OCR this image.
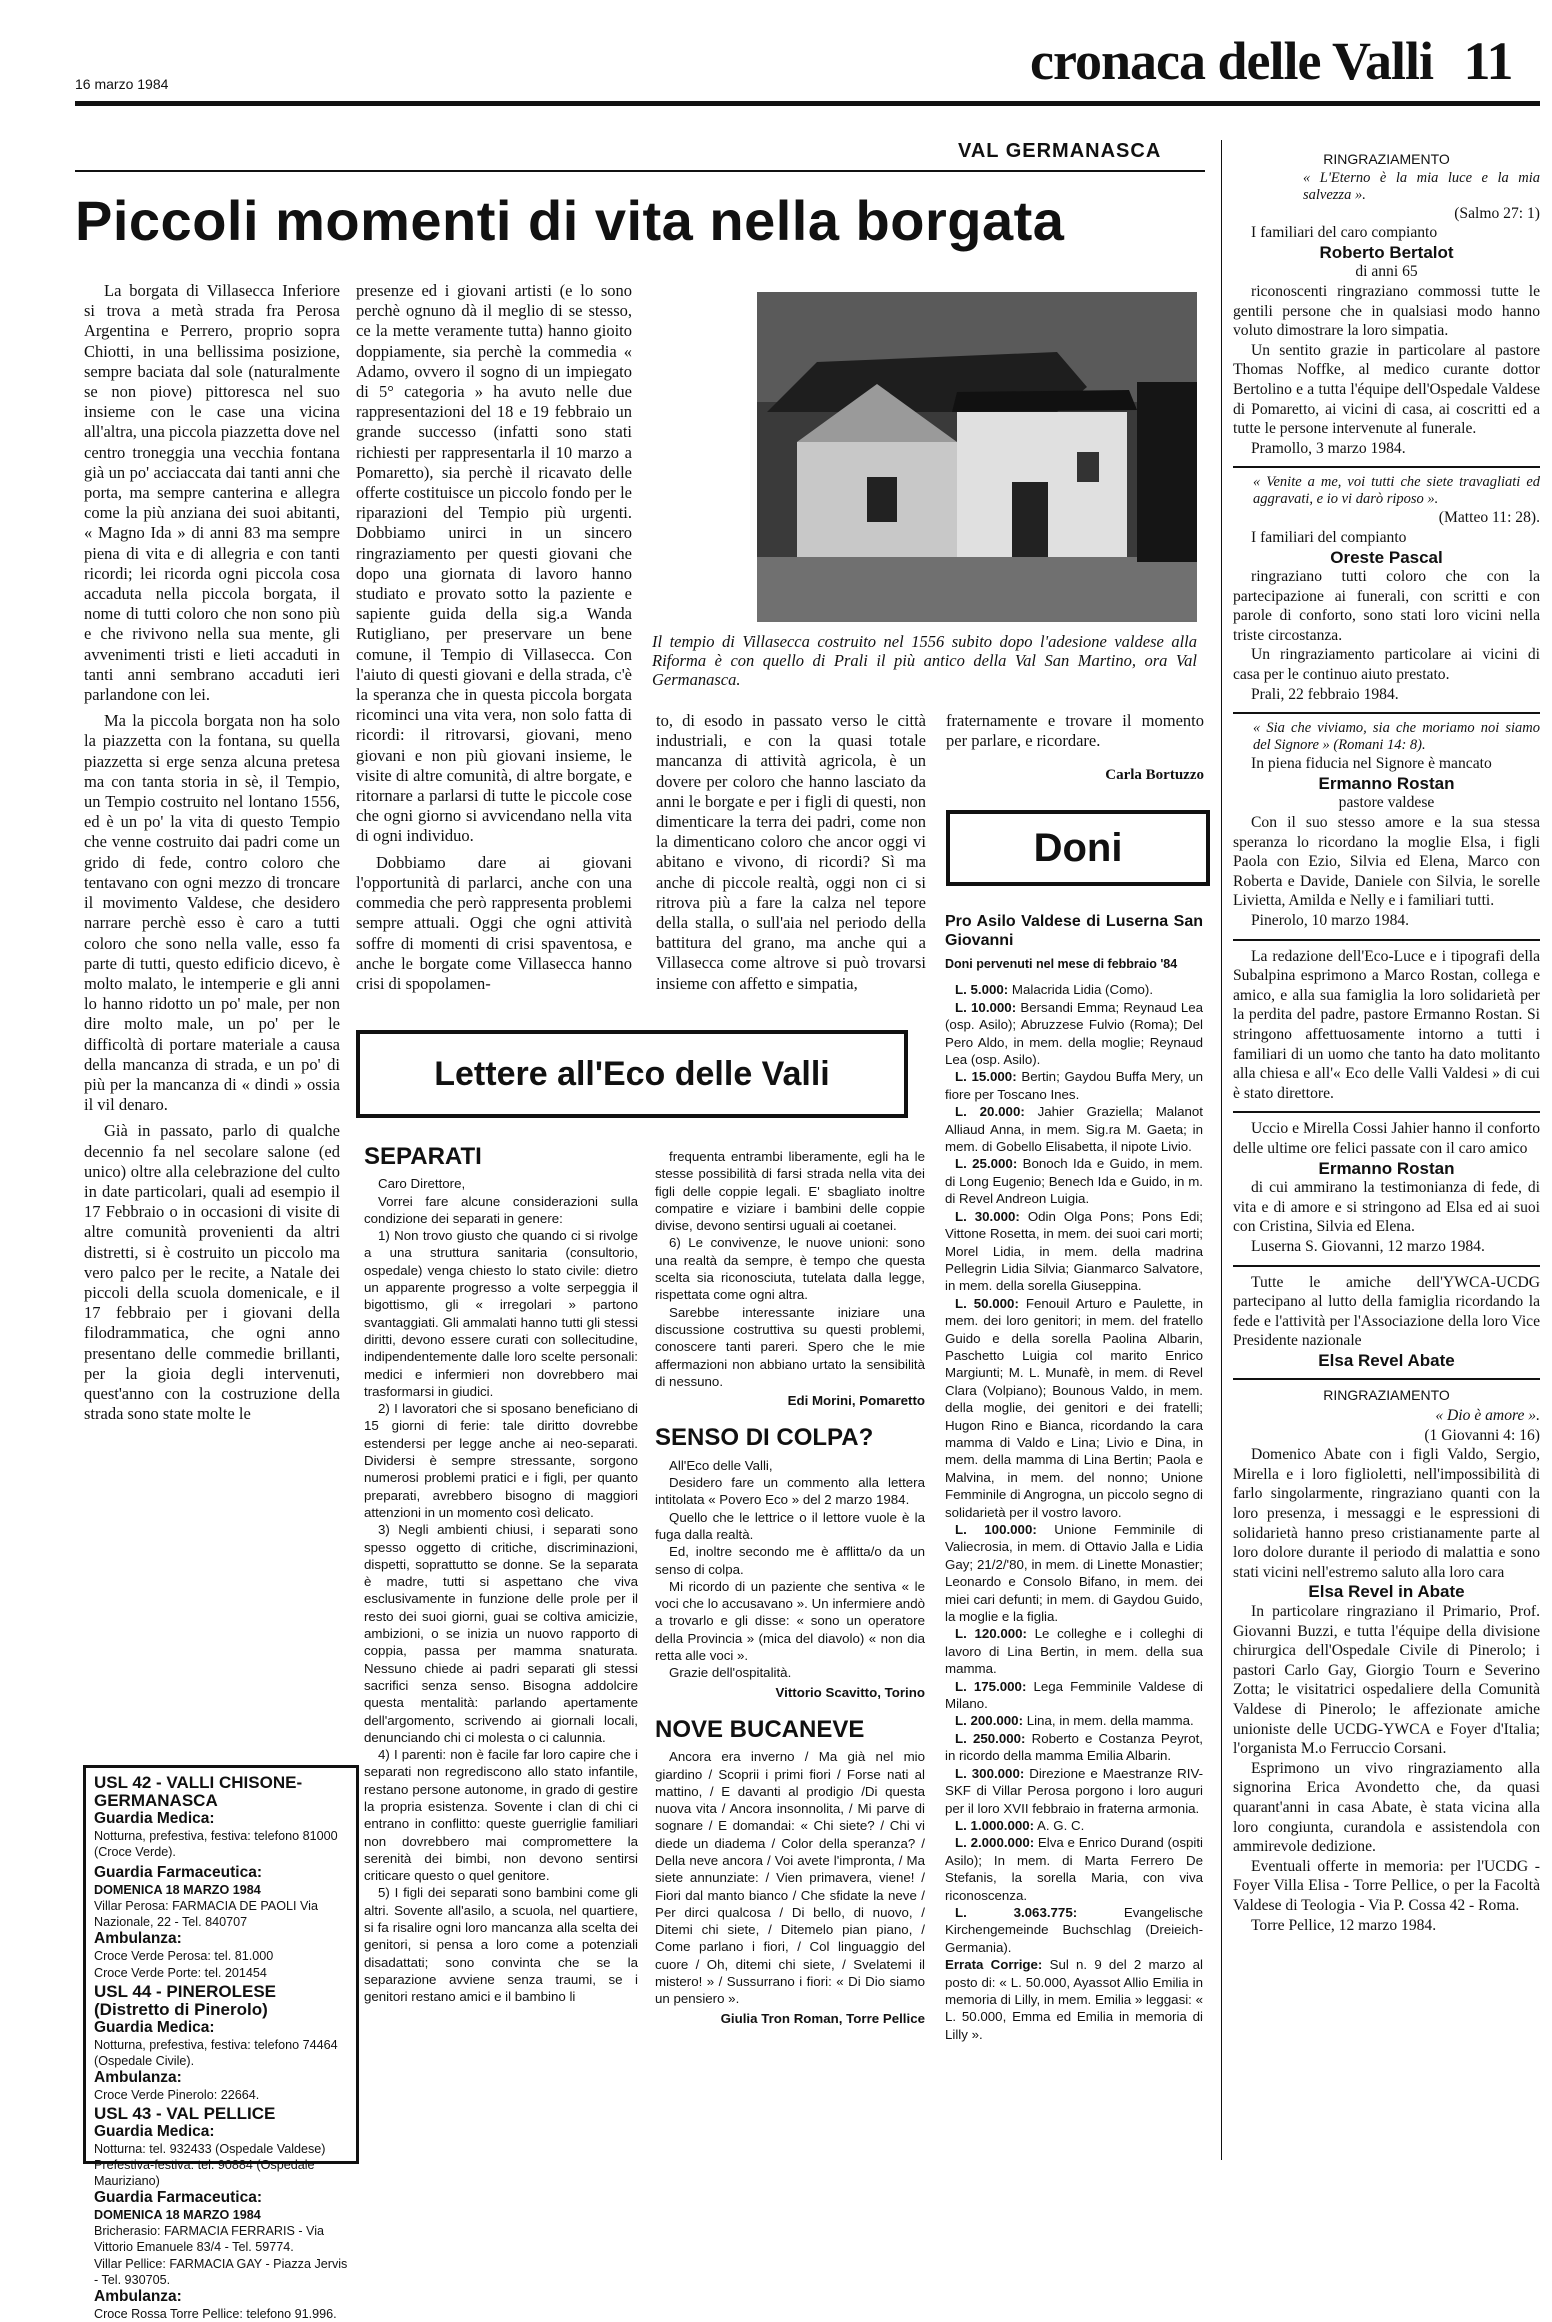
16 marzo 1984	cronaca delle Valli 11
VAL GERMANASCA
Piccoli momenti di vita nella borgata

La borgata di Villasecca Inferiore si trova a metà strada fra Perosa Argentina e Perrero, proprio sopra Chiotti, in una bellissima posizione, sempre baciata dal sole (naturalmente se non piove) pittoresca nel suo insieme con le case una vicina all'altra, una piccola piazzetta dove nel centro troneggia una vecchia fontana già un po' acciaccata dai tanti anni che porta, ma sempre canterina e allegra come la più anziana dei suoi abitanti, « Magno Ida » di anni 83 ma sempre piena di vita e di allegria e con tanti ricordi; lei ricorda ogni piccola cosa accaduta nella piccola borgata, il nome di tutti coloro che non sono più e che rivivono nella sua mente, gli avvenimenti tristi e lieti accaduti in tanti anni sembrano accaduti ieri parlandone con lei.

Ma la piccola borgata non ha solo la piazzetta con la fontana, su quella piazzetta si erge senza alcuna pretesa ma con tanta storia in sè, il Tempio, un Tempio costruito nel lontano 1556, ed è un po' la vita di questo Tempio che venne costruito dai padri come un grido di fede, contro coloro che tentavano con ogni mezzo di troncare il movimento Valdese, che desidero narrare perchè esso è caro a tutti coloro che sono nella valle, esso fa parte di tutti, questo edificio dicevo, è molto malato, le intemperie e gli anni lo hanno ridotto un po' male, per non dire molto male, un po' per le difficoltà di portare materiale a causa della mancanza di strada, e un po' di più per la mancanza di « dindi » ossia il vil denaro.

Già in passato, parlo di qualche decennio fa nel secolare salone (ed unico) oltre alla celebrazione del culto in date particolari, quali ad esempio il 17 Febbraio o in occasioni di visite di altre comunità provenienti da altri distretti, si è costruito un piccolo ma vero palco per le recite, a Natale dei piccoli della scuola domenicale, e il 17 febbraio per i giovani della filodrammatica, che ogni anno presentano delle commedie brillanti, per la gioia degli intervenuti, quest'anno con la costruzione della strada sono state molte le

presenze ed i giovani artisti (e lo sono perchè ognuno dà il meglio di se stesso, ce la mette veramente tutta) hanno gioito doppiamente, sia perchè la commedia « Adamo, ovvero il sogno di un impiegato di 5° categoria » ha avuto nelle due rappresentazioni del 18 e 19 febbraio un grande successo (infatti sono stati richiesti per rappresentarla il 10 marzo a Pomaretto), sia perchè il ricavato delle offerte costituisce un piccolo fondo per le riparazioni del Tempio più urgenti. Dobbiamo unirci in un sincero ringraziamento per questi giovani che dopo una giornata di lavoro hanno studiato e provato sotto la paziente e sapiente guida della sig.a Wanda Rutigliano, per preservare un bene comune, il Tempio di Villasecca. Con l'aiuto di questi giovani e della strada, c'è la speranza che in questa piccola borgata ricominci una vita vera, non solo fatta di ricordi: il ritrovarsi, giovani, meno giovani e non più giovani insieme, le visite di altre comunità, di altre borgate, e ritornare a parlarsi di tutte le piccole cose che ogni giorno si avvicendano nella vita di ogni individuo.

Dobbiamo dare ai giovani l'opportunità di parlarci, anche con una commedia che però rappresenta problemi sempre attuali. Oggi che ogni attività soffre di momenti di crisi spaventosa, e anche le borgate come Villasecca hanno crisi di spopolamen-

Il tempio di Villasecca costruito nel 1556 subito dopo l'adesione valdese alla Riforma è con quello di Prali il più antico della Val San Martino, ora Val Germanasca.

to, di esodo in passato verso le città industriali, e con la quasi totale mancanza di attività agricola, è un dovere per coloro che hanno lasciato da anni le borgate e per i figli di questi, non dimenticare la terra dei padri, come non la dimenticano coloro che ancor oggi vi abitano e vivono, di ricordi? Sì ma anche di piccole realtà, oggi non ci si ritrova più a fare la calza nel tepore della stalla, o sull'aia nel periodo della battitura del grano, ma anche qui a Villasecca come altrove si può trovarsi insieme con affetto e simpatia,

fraternamente e trovare il momento per parlare, e ricordare.

Carla Bortuzzo
Doni
Pro Asilo Valdese di Luserna San Giovanni
Doni pervenuti nel mese di febbraio '84

L. 5.000: Malacrida Lidia (Como).

L. 10.000: Bersandi Emma; Reynaud Lea (osp. Asilo); Abruzzese Fulvio (Roma); Del Pero Aldo, in mem. della moglie; Reynaud Lea (osp. Asilo).

L. 15.000: Bertin; Gaydou Buffa Mery, un fiore per Toscano Ines.

L. 20.000: Jahier Graziella; Malanot Alliaud Anna, in mem. Sig.ra M. Gaeta; in mem. di Gobello Elisabetta, il nipote Livio.

L. 25.000: Bonoch Ida e Guido, in mem. di Long Eugenio; Benech Ida e Guido, in m. di Revel Andreon Luigia.

L. 30.000: Odin Olga Pons; Pons Edi; Vittone Rosetta, in mem. dei suoi cari morti; Morel Lidia, in mem. della madrina Pellegrin Lidia Silvia; Gianmarco Salvatore, in mem. della sorella Giuseppina.

L. 50.000: Fenouil Arturo e Paulette, in mem. dei loro genitori; in mem. del fratello Guido e della sorella Paolina Albarin, Paschetto Luigia col marito Enrico Margiunti; M. L. Munafè, in mem. di Revel Clara (Volpiano); Bounous Valdo, in mem. della moglie, dei genitori e dei fratelli; Hugon Rino e Bianca, ricordando la cara mamma di Valdo e Lina; Livio e Dina, in mem. della mamma di Lina Bertin; Paola e Malvina, in mem. del nonno; Unione Femminile di Angrogna, un piccolo segno di solidarietà per il vostro lavoro.

L. 100.000: Unione Femminile di Valiecrosia, in mem. di Ottavio Jalla e Lidia Gay; 21/2/'80, in mem. di Linette Monastier; Leonardo e Consolo Bifano, in mem. dei miei cari defunti; in mem. di Gaydou Guido, la moglie e la figlia.

L. 120.000: Le colleghe e i colleghi di lavoro di Lina Bertin, in mem. della sua mamma.

L. 175.000: Lega Femminile Valdese di Milano.

L. 200.000: Lina, in mem. della mamma.

L. 250.000: Roberto e Costanza Peyrot, in ricordo della mamma Emilia Albarin.

L. 300.000: Direzione e Maestranze RIV-SKF di Villar Perosa porgono i loro auguri per il loro XVII febbraio in fraterna armonia.

L. 1.000.000: A. G. C.

L. 2.000.000: Elva e Enrico Durand (ospiti Asilo); In mem. di Marta Ferrero De Stefanis, la sorella Maria, con viva riconoscenza.

L. 3.063.775: Evangelische Kirchengemeinde Buchschlag (Dreieich-Germania).

Errata Corrige: Sul n. 9 del 2 marzo al posto di: « L. 50.000, Ayassot Allio Emilia in memoria di Lilly, in mem. Emilia » leggasi: « L. 50.000, Emma ed Emilia in memoria di Lilly ».

Lettere all'Eco delle Valli
SEPARATI

Caro Direttore,

Vorrei fare alcune considerazioni sulla condizione dei separati in genere:

1) Non trovo giusto che quando ci si rivolge a una struttura sanitaria (consultorio, ospedale) venga chiesto lo stato civile: dietro un apparente progresso a volte serpeggia il bigottismo, gli « irregolari » partono svantaggiati. Gli ammalati hanno tutti gli stessi diritti, devono essere curati con sollecitudine, indipendentemente dalle loro scelte personali: medici e infermieri non dovrebbero mai trasformarsi in giudici.

2) I lavoratori che si sposano beneficiano di 15 giorni di ferie: tale diritto dovrebbe estendersi per legge anche ai neo-separati. Dividersi è sempre stressante, sorgono numerosi problemi pratici e i figli, per quanto preparati, avrebbero bisogno di maggiori attenzioni in un momento così delicato.

3) Negli ambienti chiusi, i separati sono spesso oggetto di critiche, discriminazioni, dispetti, soprattutto se donne. Se la separata è madre, tutti si aspettano che viva esclusivamente in funzione delle prole per il resto dei suoi giorni, guai se coltiva amicizie, ambizioni, o se inizia un nuovo rapporto di coppia, passa per mamma snaturata. Nessuno chiede ai padri separati gli stessi sacrifici senza senso. Bisogna addolcire questa mentalità: parlando apertamente dell'argomento, scrivendo ai giornali locali, denunciando chi ci molesta o ci calunnia.

4) I parenti: non è facile far loro capire che i separati non regrediscono allo stato infantile, restano persone autonome, in grado di gestire la propria esistenza. Sovente i clan di chi ci entrano in conflitto: queste guerriglie familiari non dovrebbero mai compromettere la serenità dei bimbi, non devono sentirsi criticare questo o quel genitore.

5) I figli dei separati sono bambini come gli altri. Sovente all'asilo, a scuola, nel quartiere, si fa risalire ogni loro mancanza alla scelta dei genitori, si pensa a loro come a potenziali disadattati; sono convinta che se la separazione avviene senza traumi, se i genitori restano amici e il bambino li

frequenta entrambi liberamente, egli ha le stesse possibilità di farsi strada nella vita dei figli delle coppie legali. E' sbagliato inoltre compatire e viziare i bambini delle coppie divise, devono sentirsi uguali ai coetanei.

6) Le convivenze, le nuove unioni: sono una realtà da sempre, è tempo che questa scelta sia riconosciuta, tutelata dalla legge, rispettata come ogni altra.

Sarebbe interessante iniziare una discussione costruttiva su questi problemi, conoscere tanti pareri. Spero che le mie affermazioni non abbiano urtato la sensibilità di nessuno.

Edi Morini, Pomaretto
SENSO DI COLPA?

All'Eco delle Valli,

Desidero fare un commento alla lettera intitolata « Povero Eco » del 2 marzo 1984.

Quello che le lettrice o il lettore vuole è la fuga dalla realtà.

Ed, inoltre secondo me è afflitta/o da un senso di colpa.

Mi ricordo di un paziente che sentiva « le voci che lo accusavano ». Un infermiere andò a trovarlo e gli disse: « sono un operatore della Provincia » (mica del diavolo) « non dia retta alle voci ».

Grazie dell'ospitalità.

Vittorio Scavitto, Torino
NOVE BUCANEVE

Ancora era inverno / Ma già nel mio giardino / Scoprii i primi fiori / Forse nati al mattino, / E davanti al prodigio /Di questa nuova vita / Ancora insonnolita, / Mi parve di sognare / E domandai: « Chi siete? / Chi vi diede un diadema / Color della speranza? / Della neve ancora / Voi avete l'impronta, / Ma siete annunziate: / Vien primavera, viene! / Fiori dal manto bianco / Che sfidate la neve / Per dirci qualcosa / Di bello, di nuovo, / Ditemi chi siete, / Ditemelo pian piano, / Come parlano i fiori, / Col linguaggio del cuore / Oh, ditemi chi siete, / Svelatemi il mistero! » / Sussurrano i fiori: « Di Dio siamo un pensiero ».

Giulia Tron Roman, Torre Pellice
USL 42 - VALLI CHISONE-GERMANASCA
Guardia Medica:
Notturna, prefestiva, festiva: telefono 81000 (Croce Verde).
Guardia Farmaceutica:
DOMENICA 18 MARZO 1984
Villar Perosa: FARMACIA DE PAOLI Via Nazionale, 22 - Tel. 840707
Ambulanza:
Croce Verde Perosa: tel. 81.000
Croce Verde Porte: tel. 201454
USL 44 - PINEROLESE (Distretto di Pinerolo)
Guardia Medica:
Notturna, prefestiva, festiva: telefono 74464 (Ospedale Civile).
Ambulanza:
Croce Verde Pinerolo: 22664.
USL 43 - VAL PELLICE
Guardia Medica:
Notturna: tel. 932433 (Ospedale Valdese)
Prefestiva-festiva: tel. 90884 (Ospedale Mauriziano)
Guardia Farmaceutica:
DOMENICA 18 MARZO 1984
Bricherasio: FARMACIA FERRARIS - Via Vittorio Emanuele 83/4 - Tel. 59774.
Villar Pellice: FARMACIA GAY - Piazza Jervis - Tel. 930705.
Ambulanza:
Croce Rossa Torre Pellice: telefono 91.996.
RINGRAZIAMENTO
« L'Eterno è la mia luce e la mia salvezza ».
(Salmo 27: 1)

I familiari del caro compianto

Roberto Bertalot

di anni 65

riconoscenti ringraziano commossi tutte le gentili persone che in qualsiasi modo hanno voluto dimostrare la loro simpatia.

Un sentito grazie in particolare al pastore Thomas Noffke, al medico curante dottor Bertolino e a tutta l'équipe dell'Ospedale Valdese di Pomaretto, ai vicini di casa, ai coscritti ed a tutte le persone intervenute al funerale.

Pramollo, 3 marzo 1984.

« Venite a me, voi tutti che siete travagliati ed aggravati, e io vi darò riposo ».
(Matteo 11: 28).

I familiari del compianto

Oreste Pascal

ringraziano tutti coloro che con la partecipazione ai funerali, con scritti e con parole di conforto, sono stati loro vicini nella triste circostanza.

Un ringraziamento particolare ai vicini di casa per le continuo aiuto prestato.

Prali, 22 febbraio 1984.

« Sia che viviamo, sia che moriamo noi siamo del Signore » (Romani 14: 8).

In piena fiducia nel Signore è mancato

Ermanno Rostan

pastore valdese

Con il suo stesso amore e la sua stessa speranza lo ricordano la moglie Elsa, i figli Paola con Ezio, Silvia ed Elena, Marco con Roberta e Davide, Daniele con Silvia, le sorelle Livietta, Amilda e Nelly e i familiari tutti.

Pinerolo, 10 marzo 1984.

La redazione dell'Eco-Luce e i tipografi della Subalpina esprimono a Marco Rostan, collega e amico, e alla sua famiglia la loro solidarietà per la perdita del padre, pastore Ermanno Rostan. Si stringono affettuosamente intorno a tutti i familiari di un uomo che tanto ha dato molitanto alla chiesa e all'« Eco delle Valli Valdesi » di cui è stato direttore.

Uccio e Mirella Cossi Jahier hanno il conforto delle ultime ore felici passate con il caro amico

Ermanno Rostan

di cui ammirano la testimonianza di fede, di vita e di amore e si stringono ad Elsa ed ai suoi con Cristina, Silvia ed Elena.

Luserna S. Giovanni, 12 marzo 1984.

Tutte le amiche dell'YWCA-UCDG partecipano al lutto della famiglia ricordando la fede e l'attività per l'Associazione della loro Vice Presidente nazionale

Elsa Revel Abate

RINGRAZIAMENTO
« Dio è amore ».
(1 Giovanni 4: 16)

Domenico Abate con i figli Valdo, Sergio, Mirella e i loro figlioletti, nell'impossibilità di farlo singolarmente, ringraziano quanti con la loro presenza, i messaggi e le espressioni di solidarietà hanno preso cristianamente parte al loro dolore durante il periodo di malattia e sono stati vicini nell'estremo saluto alla loro cara

Elsa Revel in Abate

In particolare ringraziano il Primario, Prof. Giovanni Buzzi, e tutta l'équipe della divisione chirurgica dell'Ospedale Civile di Pinerolo; i pastori Carlo Gay, Giorgio Tourn e Severino Zotta; le visitatrici ospedaliere della Comunità Valdese di Pinerolo; le affezionate amiche unioniste delle UCDG-YWCA e Foyer d'Italia; l'organista M.o Ferruccio Corsani.

Esprimono un vivo ringraziamento alla signorina Erica Avondetto che, da quasi quarant'anni in casa Abate, è stata vicina alla loro congiunta, curandola e assistendola con ammirevole dedizione.

Eventuali offerte in memoria: per l'UCDG - Foyer Villa Elisa - Torre Pellice, o per la Facoltà Valdese di Teologia - Via P. Cossa 42 - Roma.

Torre Pellice, 12 marzo 1984.
